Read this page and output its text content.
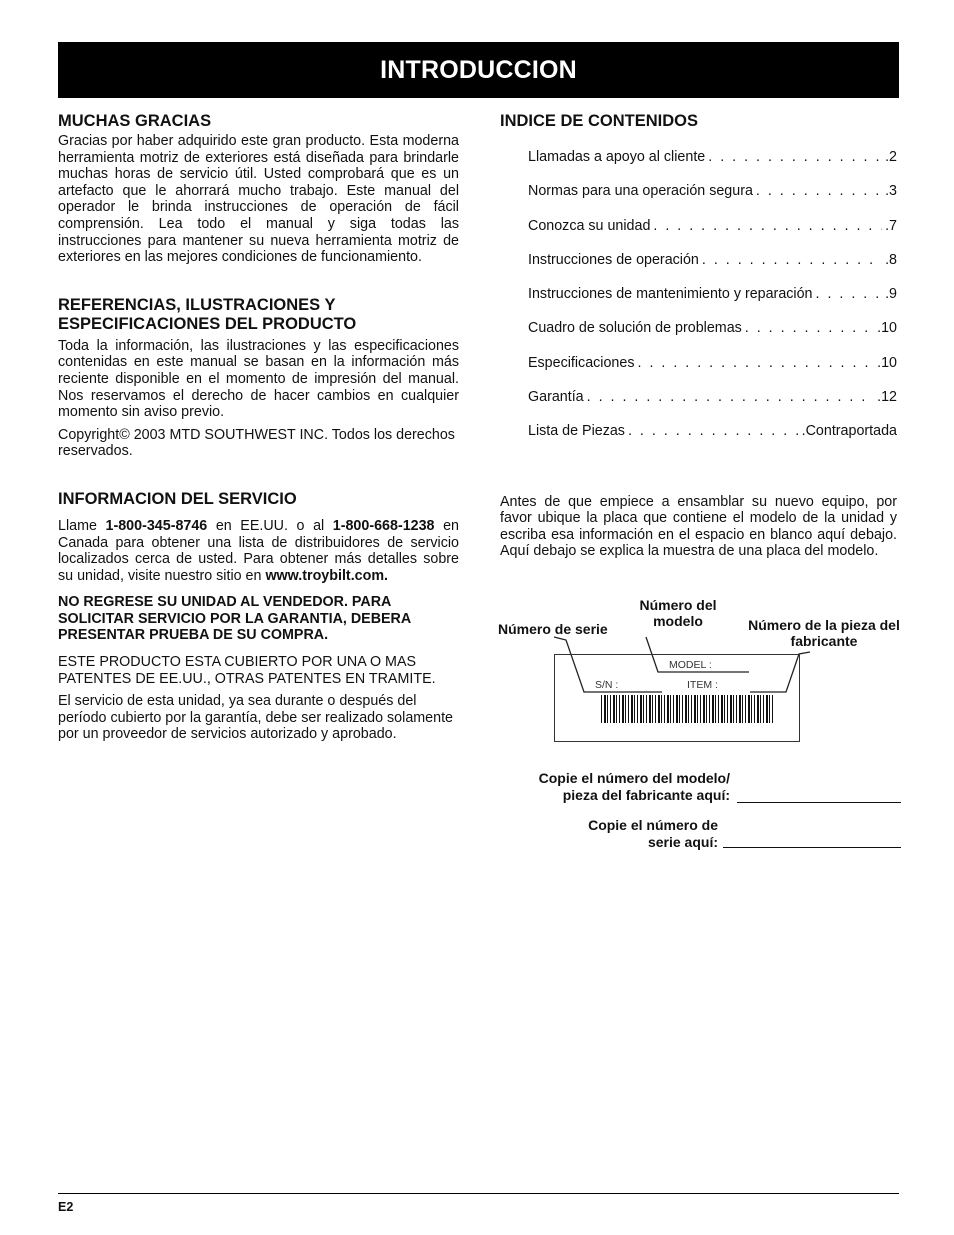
INTRODUCCION
MUCHAS GRACIAS

Gracias por haber adquirido este gran producto. Esta moderna herramienta motriz de exteriores está diseñada para brindarle muchas horas de servicio útil. Usted comprobará que es un artefacto que le ahorrará mucho trabajo. Este manual del operador le brinda instrucciones de operación de fácil comprensión. Lea todo el manual y siga todas las instrucciones para mantener su nueva herramienta motriz de exteriores en las mejores condiciones de funcionamiento.

REFERENCIAS, ILUSTRACIONES Y ESPECIFICACIONES DEL PRODUCTO

Toda la información, las ilustraciones y las especificaciones contenidas en este manual se basan en la información más reciente disponible en el momento de impresión del manual. Nos reservamos el derecho de hacer cambios en cualquier momento sin aviso previo.

Copyright© 2003 MTD SOUTHWEST INC. Todos los derechos reservados.

INFORMACION DEL SERVICIO

Llame 1-800-345-8746 en EE.UU. o al 1-800-668-1238 en Canada para obtener una lista de distribuidores de servicio localizados cerca de usted. Para obtener más detalles sobre su unidad, visite nuestro sitio en www.troybilt.com.

NO REGRESE SU UNIDAD AL VENDEDOR. PARA SOLICITAR SERVICIO POR LA GARANTIA, DEBERA PRESENTAR PRUEBA DE SU COMPRA.

ESTE PRODUCTO ESTA CUBIERTO POR UNA O MAS PATENTES DE EE.UU., OTRAS PATENTES EN TRAMITE.

El servicio de esta unidad, ya sea durante o después del período cubierto por la garantía, debe ser realizado solamente por un proveedor de servicios autorizado y aprobado.

INDICE DE CONTENIDOS
Llamadas a apoyo al cliente . . .	.2
Normas para una operación segura . . .	.3
Conozca su unidad . . .	.7
Instrucciones de operación . . .	.8
Instrucciones de mantenimiento y reparación . . .	.9
Cuadro de solución de problemas . . .	.10
Especificaciones . . .	.10
Garantía . . .	.12
Lista de Piezas . . .	.Contraportada

Antes de que empiece a ensamblar su nuevo equipo, por favor ubique la placa que contiene el modelo de la unidad y escriba esa información en el espacio en blanco aquí debajo. Aquí debajo se explica la muestra de una placa del modelo.

Número del modelo
Número de serie	Número de la pieza del fabricante
MODEL :
S/N :	ITEM :
Copie el número del modelo/ pieza del fabricante aquí:
Copie el número de serie aquí:
E2
